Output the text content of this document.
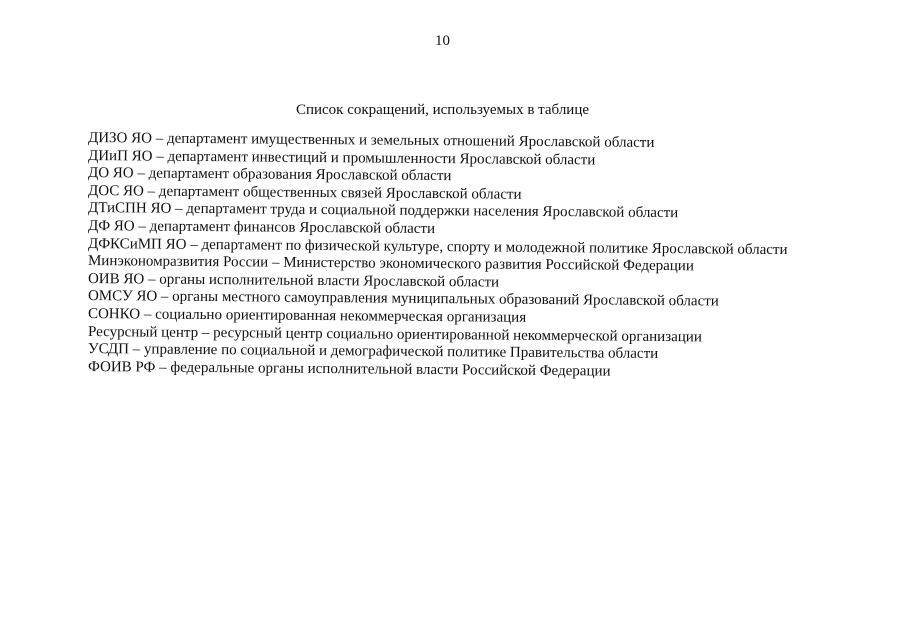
10
Список сокращений, используемых в таблице
ДИЗО ЯО – департамент имущественных и земельных отношений Ярославской области
ДИиП ЯО – департамент инвестиций и промышленности Ярославской области
ДО ЯО – департамент образования Ярославской области
ДОС ЯО – департамент общественных связей Ярославской области
ДТиСПН ЯО – департамент труда и социальной поддержки населения Ярославской области
ДФ ЯО – департамент финансов Ярославской области
ДФКСиМП ЯО – департамент по физической культуре, спорту и молодежной политике Ярославской области
Минэкономразвития России – Министерство экономического развития Российской Федерации
ОИВ ЯО – органы исполнительной власти Ярославской области
ОМСУ ЯО – органы местного самоуправления муниципальных образований Ярославской области
СОНКО – социально ориентированная некоммерческая организация
Ресурсный центр – ресурсный центр социально ориентированной некоммерческой организации
УСДП – управление по социальной и демографической политике Правительства области
ФОИВ РФ – федеральные органы исполнительной власти Российской Федерации
